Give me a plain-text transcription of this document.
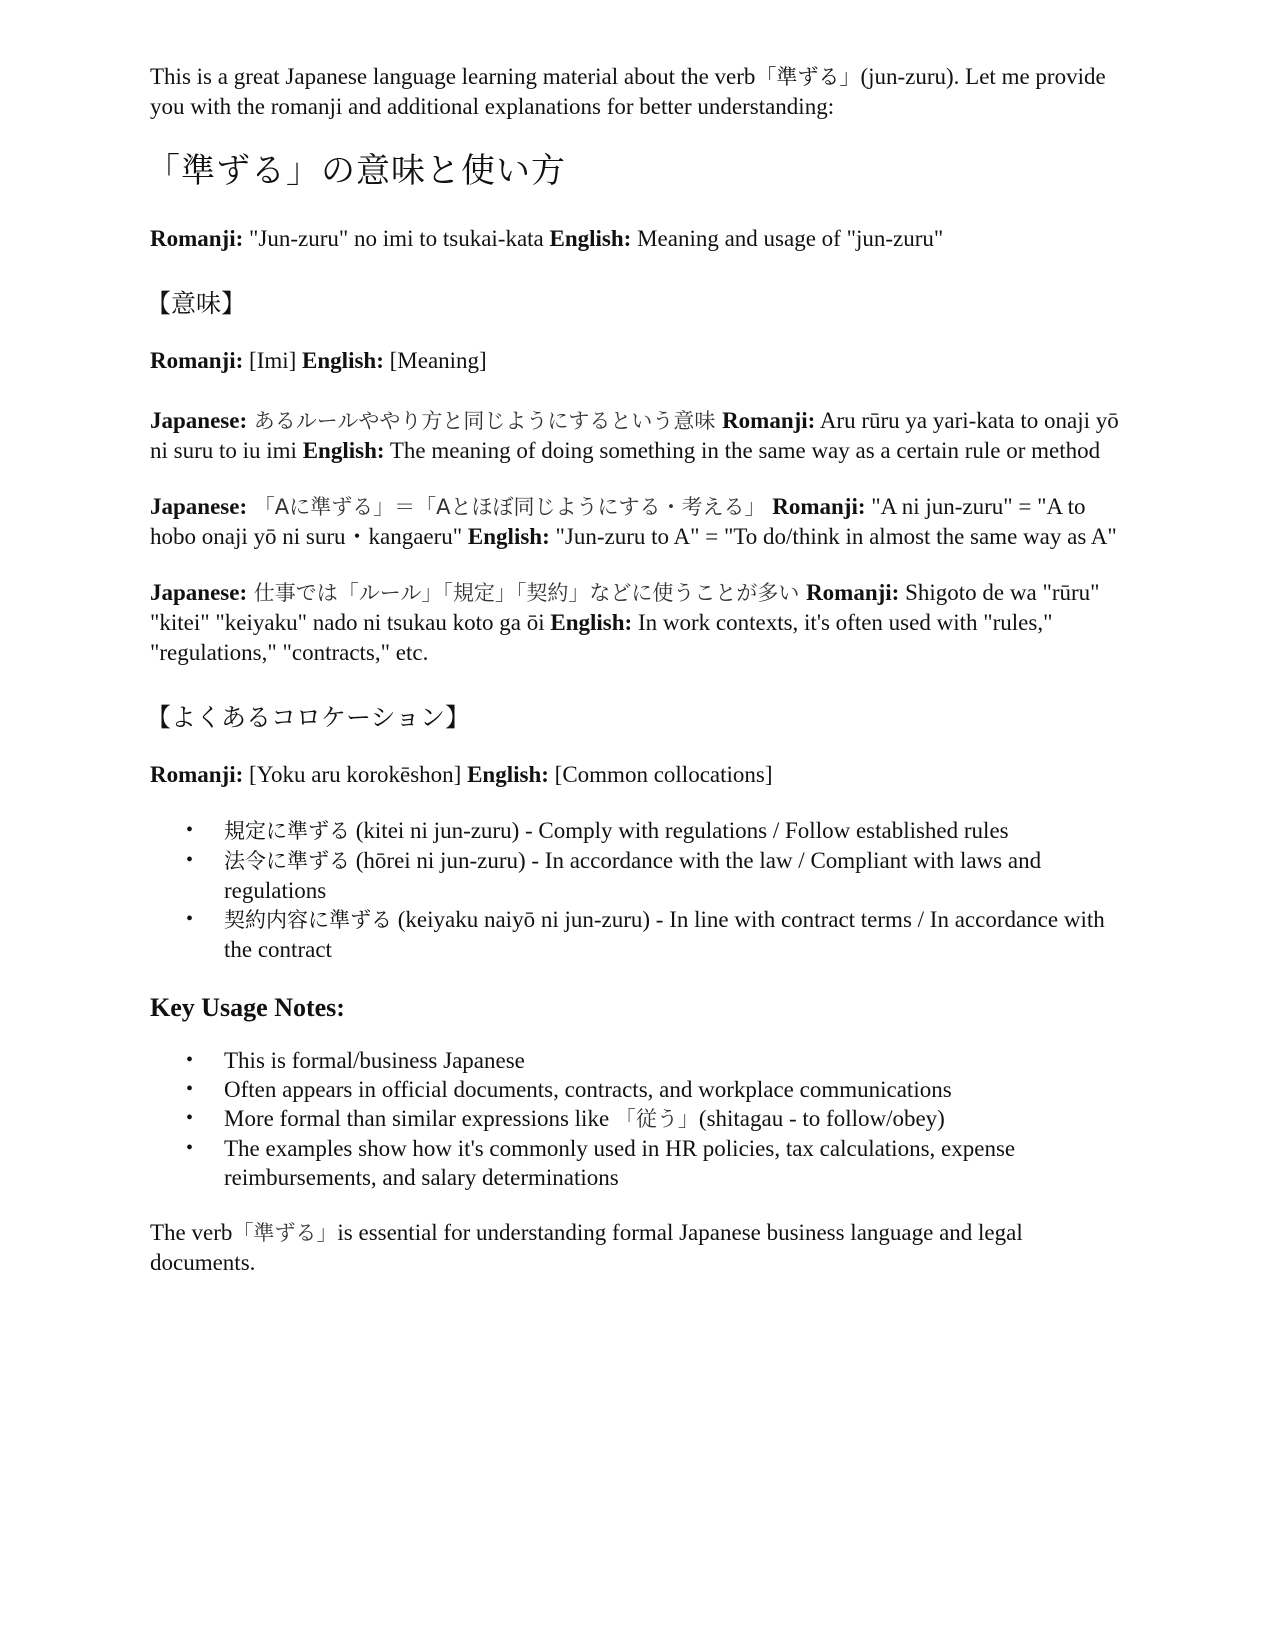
This is a great Japanese language learning material about the verb「準ずる」(jun-zuru). Let me provide you with the romanji and additional explanations for better understanding:

「準ずる」の意味と使い方

Romanji: "Jun-zuru" no imi to tsukai-kata English: Meaning and usage of "jun-zuru"

【意味】

Romanji: [Imi] English: [Meaning]

Japanese: あるルールややり方と同じようにするという意味 Romanji: Aru rūru ya yari-kata to onaji yō ni suru to iu imi English: The meaning of doing something in the same way as a certain rule or method

Japanese: 「Aに準ずる」＝「Aとほぼ同じようにする・考える」 Romanji: "A ni jun-zuru" = "A to hobo onaji yō ni suru・kangaeru" English: "Jun-zuru to A" = "To do/think in almost the same way as A"

Japanese: 仕事では「ルール」「規定」「契約」などに使うことが多い Romanji: Shigoto de wa "rūru" "kitei" "keiyaku" nado ni tsukau koto ga ōi English: In work contexts, it's often used with "rules," "regulations," "contracts," etc.

【よくあるコロケーション】

Romanji: [Yoku aru korokēshon] English: [Common collocations]

• 規定に準ずる (kitei ni jun-zuru) - Comply with regulations / Follow established rules
• 法令に準ずる (hōrei ni jun-zuru) - In accordance with the law / Compliant with laws and regulations
• 契約内容に準ずる (keiyaku naiyō ni jun-zuru) - In line with contract terms / In accordance with the contract
Key Usage Notes:
• This is formal/business Japanese
• Often appears in official documents, contracts, and workplace communications
• More formal than similar expressions like 「従う」(shitagau - to follow/obey)
• The examples show how it's commonly used in HR policies, tax calculations, expense reimbursements, and salary determinations

The verb「準ずる」is essential for understanding formal Japanese business language and legal documents.
